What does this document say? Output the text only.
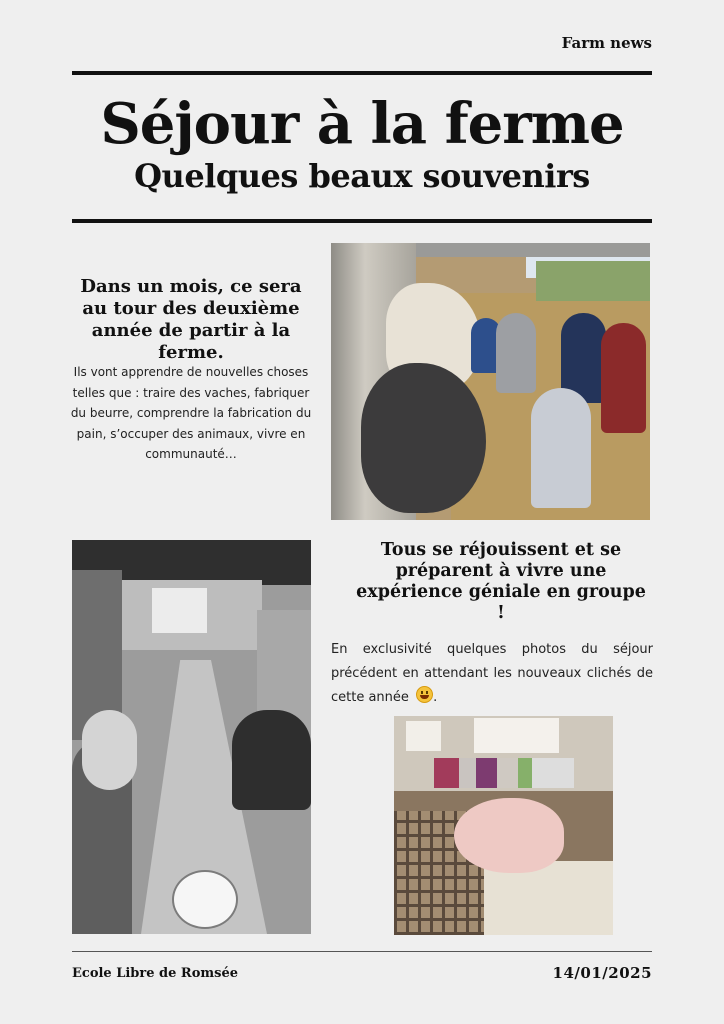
Farm news
Séjour à la ferme
Quelques beaux souvenirs
Dans un mois, ce sera au tour des deuxième année de partir à la ferme.
Ils vont apprendre de nouvelles choses telles que : traire des vaches, fabriquer du beurre, comprendre la fabrication du pain, s’occuper des animaux, vivre en communauté…
Tous se réjouissent et se préparent à vivre une expérience géniale en groupe !
En exclusivité quelques photos du séjour précédent en attendant les nouveaux clichés de cette année .
Ecole Libre de Romsée	14/01/2025
